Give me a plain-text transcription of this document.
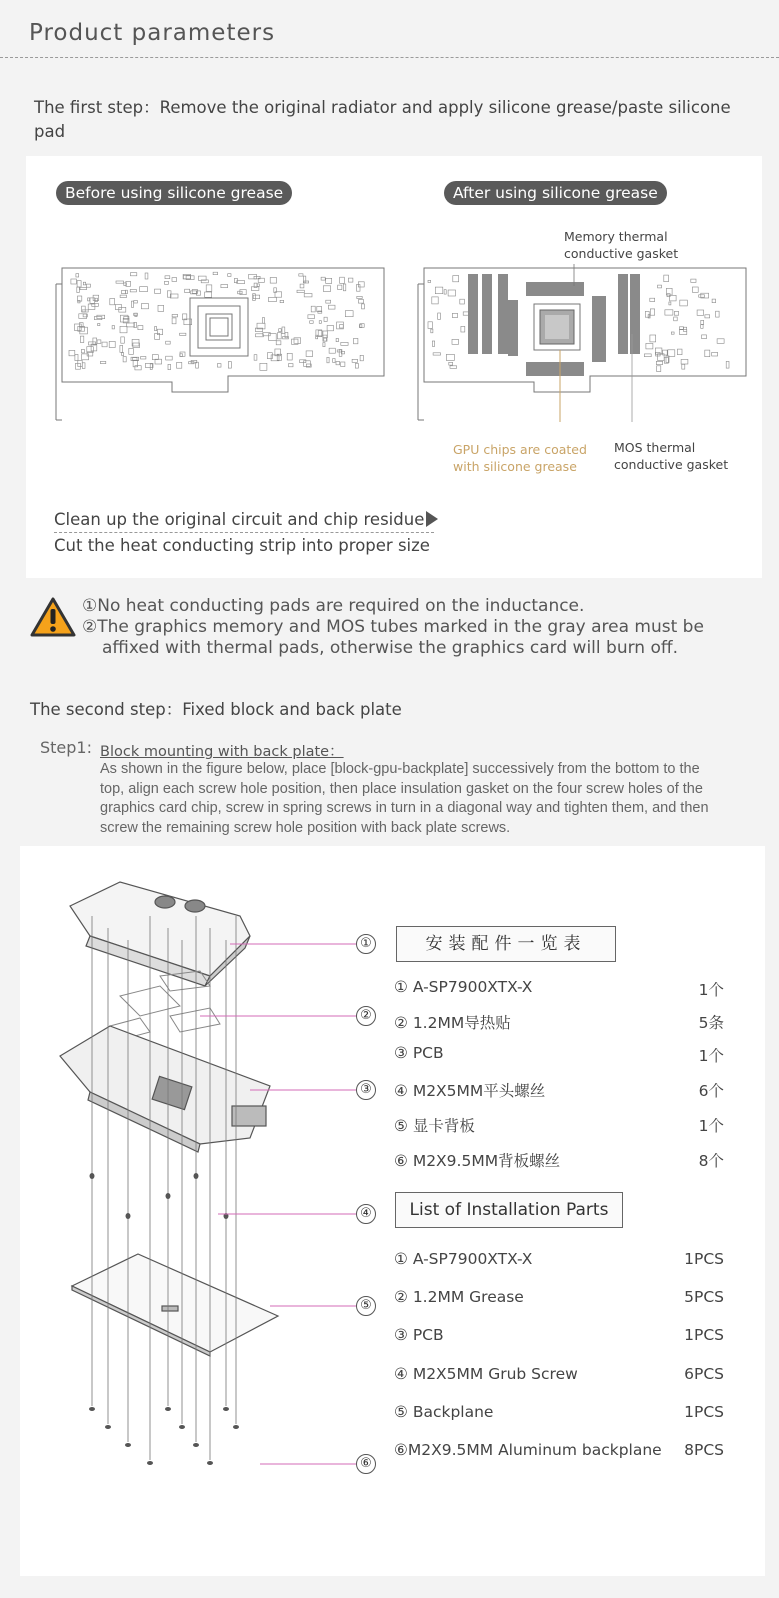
Product parameters
The first step：Remove the original radiator and apply silicone grease/paste silicone pad
Before using silicone grease	After using silicone grease
Memory thermal
conductive gasket
GPU chips are coated
with silicone grease
MOS thermal
conductive gasket
Clean up the original circuit and chip residue
Cut the heat conducting strip into proper size
①No heat conducting pads are required on the inductance.
②The graphics memory and MOS tubes marked in the gray area must be
affixed with thermal pads, otherwise the graphics card will burn off.
The second step：Fixed block and back plate
Step1: Block mounting with back plate：
As shown in the figure below, place [block-gpu-backplate] successively from the bottom to the top, align each screw hole position, then place insulation gasket on the four screw holes of the graphics card chip, screw in spring screws in turn in a diagonal way and tighten them, and then screw the remaining screw hole position with back plate screws.
①
②
③
④
⑤
⑥
安装配件一览表
① A-SP7900XTX-X	1个
② 1.2MM导热贴	5条
③ PCB	1个
④ M2X5MM平头螺丝	6个
⑤ 显卡背板	1个
⑥ M2X9.5MM背板螺丝	8个
List of Installation Parts
① A-SP7900XTX-X	1PCS
② 1.2MM Grease	5PCS
③ PCB	1PCS
④ M2X5MM Grub Screw	6PCS
⑤ Backplane	1PCS
⑥M2X9.5MM Aluminum backplane 8PCS
